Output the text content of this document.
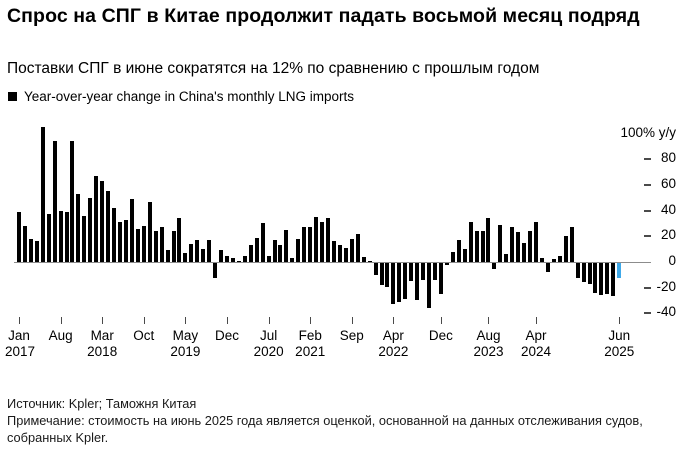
Спрос на СПГ в Китае продолжит падать восьмой месяц подряд
Поставки СПГ в июне сократятся на 12% по сравнению с прошлым годом
Year-over-year change in China's monthly LNG imports
100% y/y
80
60
40
20
0
-20
-40
Jan
2017
Aug Mar
2018
Oct May
2019
Dec Jul
2020
Feb
2021
Sep Apr
2022
Dec Aug
2023
Apr
2024
Jun
2025
Источник: Kpler; Таможня Китая
Примечание: стоимость на июнь 2025 года является оценкой, основанной на данных отслеживания судов, собранных Kpler.
